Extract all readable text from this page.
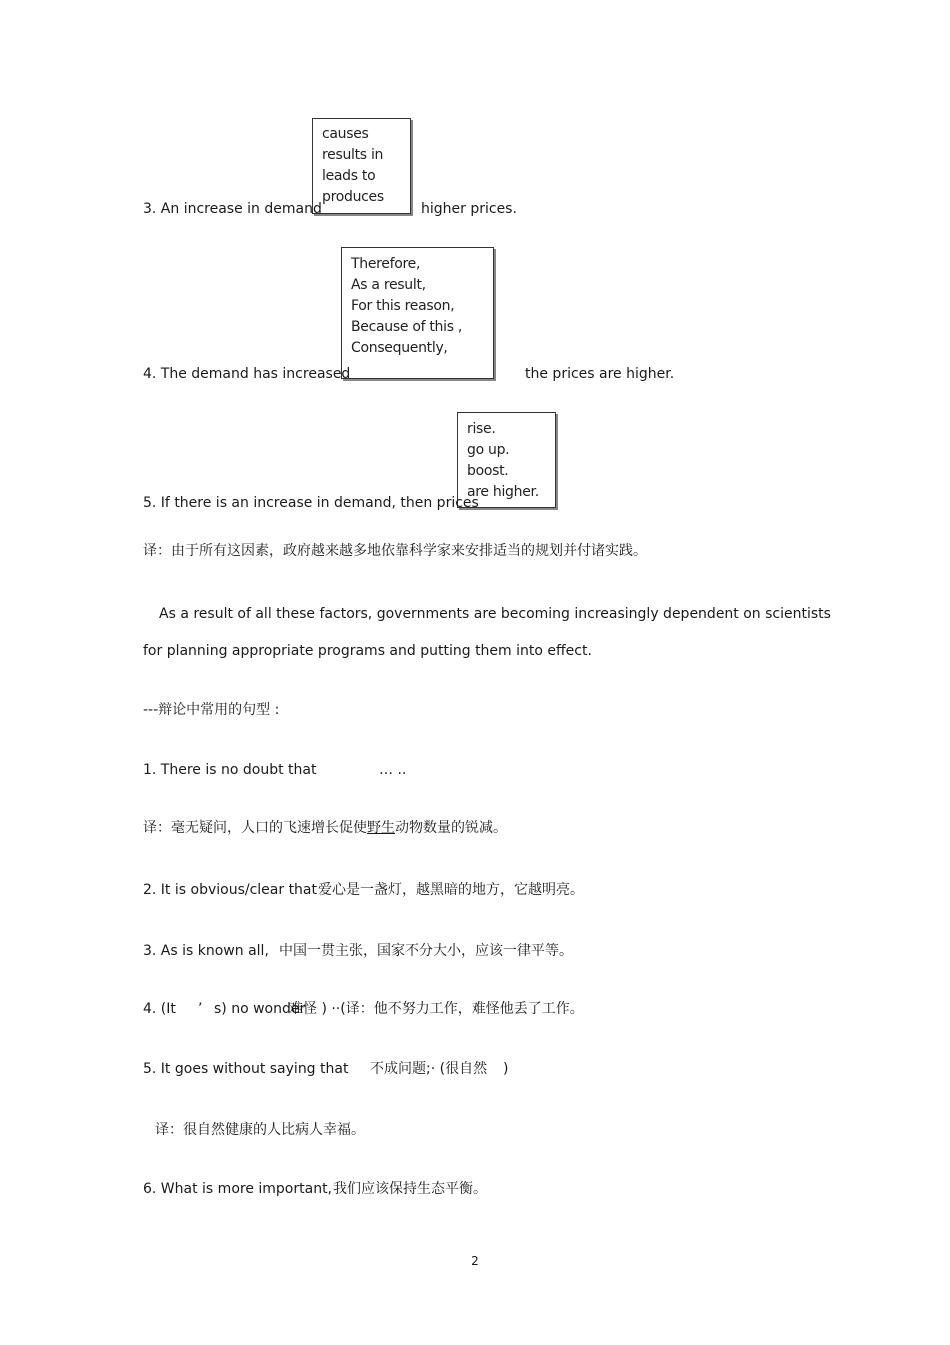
causes
results in
leads to
produces
3. An increase in demand	higher prices.
Therefore,
As a result,
For this reason,
Because of this ,
Consequently,
4. The demand has increased	the prices are higher.
rise.
go up.
boost.
are higher.
5. If there is an increase in demand, then prices
译：由于所有这因素，政府越来越多地依靠科学家来安排适当的规划并付诸实践。
As a result of all these factors, governments are becoming increasingly dependent on scientists
for planning appropriate programs and putting them into effect.
---辩论中常用的句型 :
1. There is no doubt that	… ..
译：毫无疑问，人口的飞速增长促使野生动物数量的锐减。
2. It is obvious/clear that 爱心是一盏灯，越黑暗的地方，它越明亮。
3. As is known all, 中国一贯主张，国家不分大小，应该一律平等。
4. (It ’ s) no wonder
难怪 ) ··(译：他不努力工作，难怪他丢了工作。
5. It goes without saying that 不成问题;· (很自然 )
译：很自然健康的人比病人幸福。
6. What is more important, 我们应该保持生态平衡。
2
